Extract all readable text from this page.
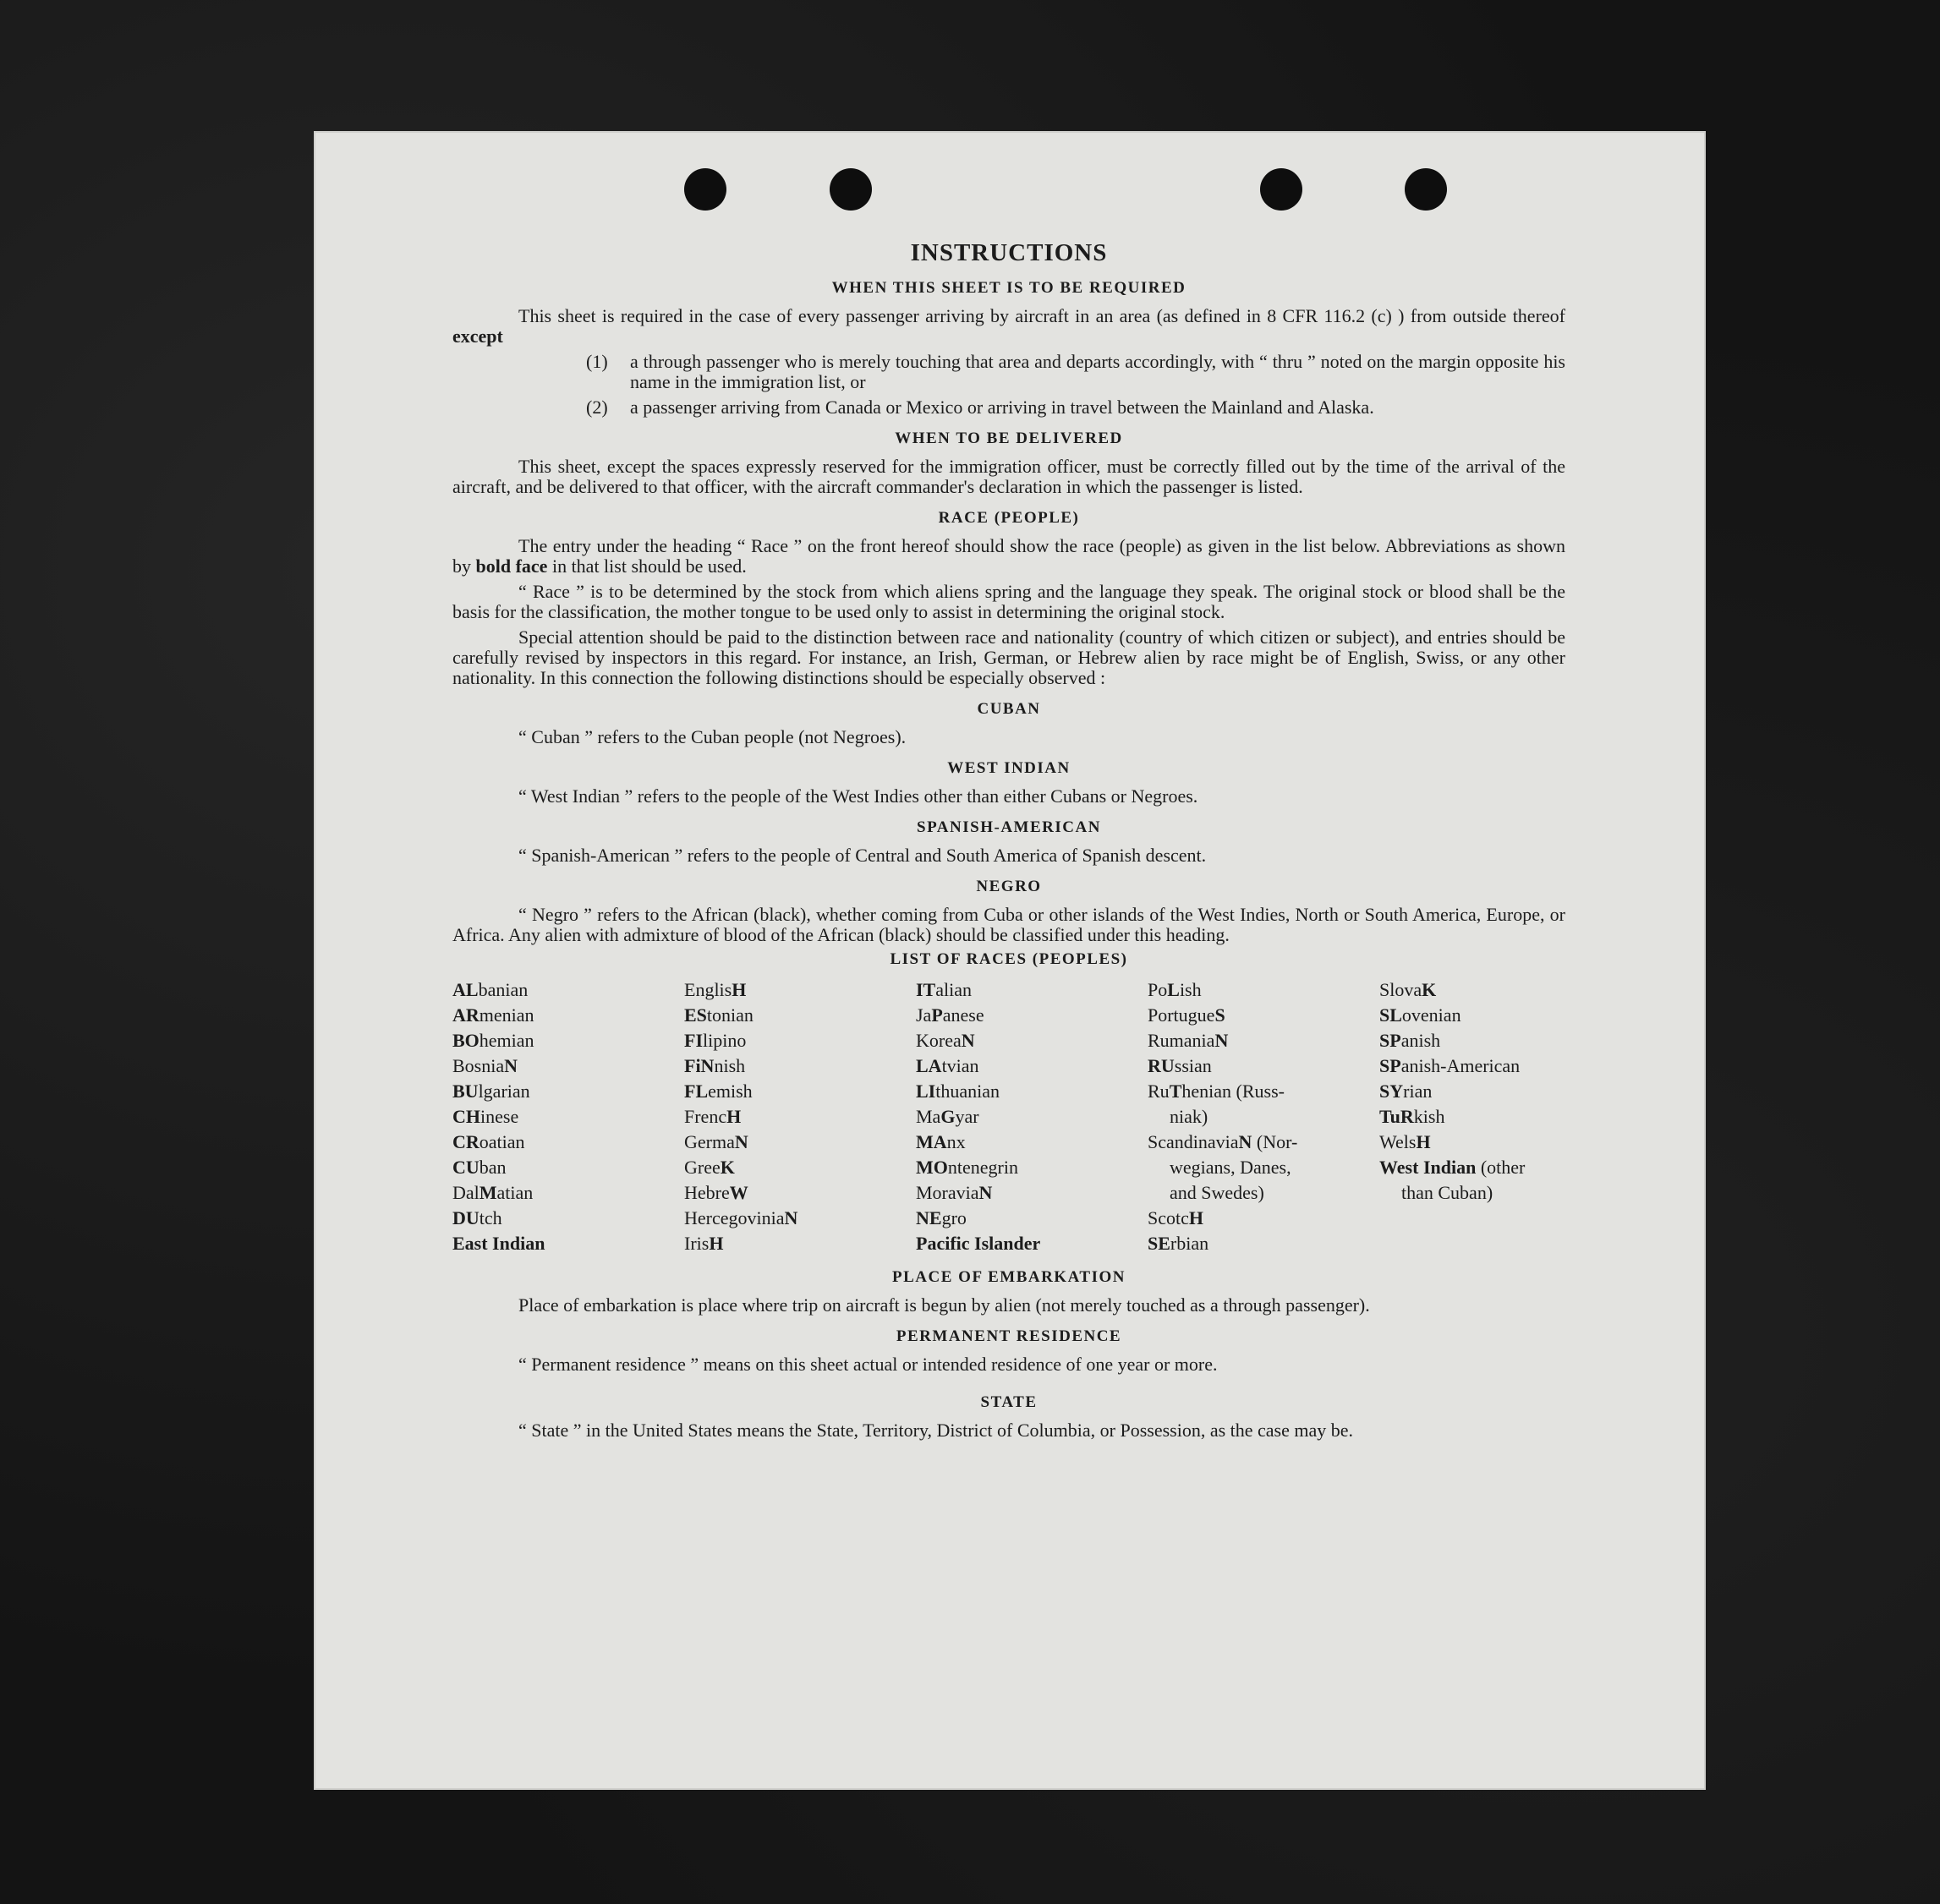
INSTRUCTIONS
WHEN THIS SHEET IS TO BE REQUIRED

This sheet is required in the case of every passenger arriving by aircraft in an area (as defined in 8 CFR 116.2 (c) ) from outside thereof except

(1)	a through passenger who is merely touching that area and departs accordingly, with “ thru ” noted on the margin opposite his name in the immigration list, or
(2)	a passenger arriving from Canada or Mexico or arriving in travel between the Mainland and Alaska.
WHEN TO BE DELIVERED

This sheet, except the spaces expressly reserved for the immigration officer, must be correctly filled out by the time of the arrival of the aircraft, and be delivered to that officer, with the aircraft commander's declaration in which the passenger is listed.

RACE (PEOPLE)

The entry under the heading “ Race ” on the front hereof should show the race (people) as given in the list below. Abbreviations as shown by bold face in that list should be used.

“ Race ” is to be determined by the stock from which aliens spring and the language they speak. The original stock or blood shall be the basis for the classification, the mother tongue to be used only to assist in determining the original stock.

Special attention should be paid to the distinction between race and nationality (country of which citizen or subject), and entries should be carefully revised by inspectors in this regard. For instance, an Irish, German, or Hebrew alien by race might be of English, Swiss, or any other nationality. In this connection the following distinctions should be especially observed :

CUBAN

“ Cuban ” refers to the Cuban people (not Negroes).

WEST INDIAN

“ West Indian ” refers to the people of the West Indies other than either Cubans or Negroes.

SPANISH-AMERICAN

“ Spanish-American ” refers to the people of Central and South America of Spanish descent.

NEGRO

“ Negro ” refers to the African (black), whether coming from Cuba or other islands of the West Indies, North or South America, Europe, or Africa. Any alien with admixture of blood of the African (black) should be classified under this heading.

LIST OF RACES (PEOPLES)
ALbanian
ARmenian
BOhemian
BosniaN
BUlgarian
CHinese
CRoatian
CUban
DalMatian
DUtch
East Indian
EnglisH
EStonian
FIlipino
FiNnish
FLemish
FrencH
GermaN
GreeK
HebreW
HercegoviniaN
IrisH
ITalian
JaPanese
KoreaN
LAtvian
LIthuanian
MaGyar
MAnx
MOntenegrin
MoraviaN
NEgro
Pacific Islander
PoLish
PortugueS
RumaniaN
RUssian
RuThenian (Russ-
niak)
ScandinaviaN (Nor-
wegians, Danes,
and Swedes)
ScotcH
SErbian
SlovaK
SLovenian
SPanish
SPanish-American
SYrian
TuRkish
WelsH
West Indian (other
than Cuban)
PLACE OF EMBARKATION

Place of embarkation is place where trip on aircraft is begun by alien (not merely touched as a through passenger).

PERMANENT RESIDENCE

“ Permanent residence ” means on this sheet actual or intended residence of one year or more.

STATE

“ State ” in the United States means the State, Territory, District of Columbia, or Possession, as the case may be.
